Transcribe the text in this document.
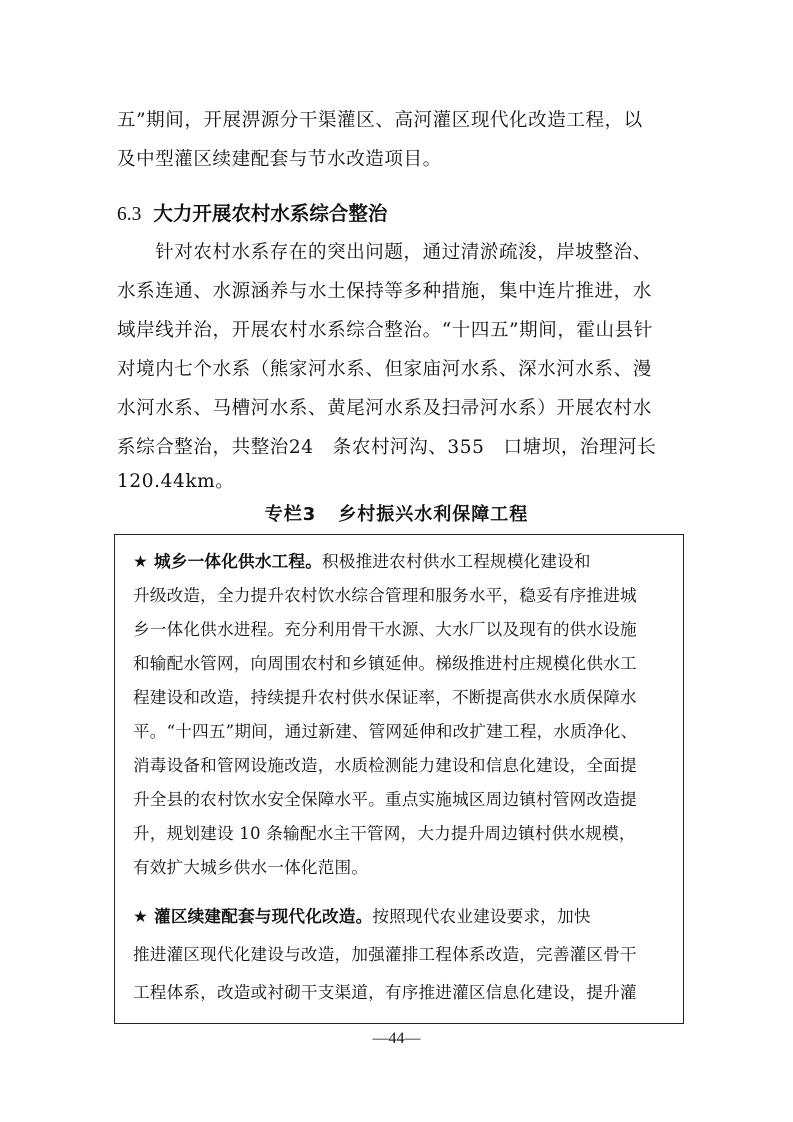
五”期间，开展淠源分干渠灌区、高河灌区现代化改造工程，以
及中型灌区续建配套与节水改造项目。
6.3 大力开展农村水系综合整治
　　针对农村水系存在的突出问题，通过清淤疏浚，岸坡整治、
水系连通、水源涵养与水土保持等多种措施，集中连片推进，水
域岸线并治，开展农村水系综合整治。“十四五”期间，霍山县针
对境内七个水系（熊家河水系、但家庙河水系、深水河水系、漫
水河水系、马槽河水系、黄尾河水系及扫帚河水系）开展农村水
系综合整治，共整治24　条农村河沟、355　口塘坝，治理河长
120.44km。
专栏3 乡村振兴水利保障工程
★ 城乡一体化供水工程。积极推进农村供水工程规模化建设和
升级改造，全力提升农村饮水综合管理和服务水平，稳妥有序推进城
乡一体化供水进程。充分利用骨干水源、大水厂以及现有的供水设施
和输配水管网，向周围农村和乡镇延伸。梯级推进村庄规模化供水工
程建设和改造，持续提升农村供水保证率，不断提高供水水质保障水
平。“十四五”期间，通过新建、管网延伸和改扩建工程，水质净化、
消毒设备和管网设施改造，水质检测能力建设和信息化建设，全面提
升全县的农村饮水安全保障水平。重点实施城区周边镇村管网改造提
升，规划建设 10 条输配水主干管网，大力提升周边镇村供水规模，
有效扩大城乡供水一体化范围。
★ 灌区续建配套与现代化改造。按照现代农业建设要求，加快
推进灌区现代化建设与改造，加强灌排工程体系改造，完善灌区骨干
工程体系，改造或衬砌干支渠道，有序推进灌区信息化建设，提升灌
—44—
